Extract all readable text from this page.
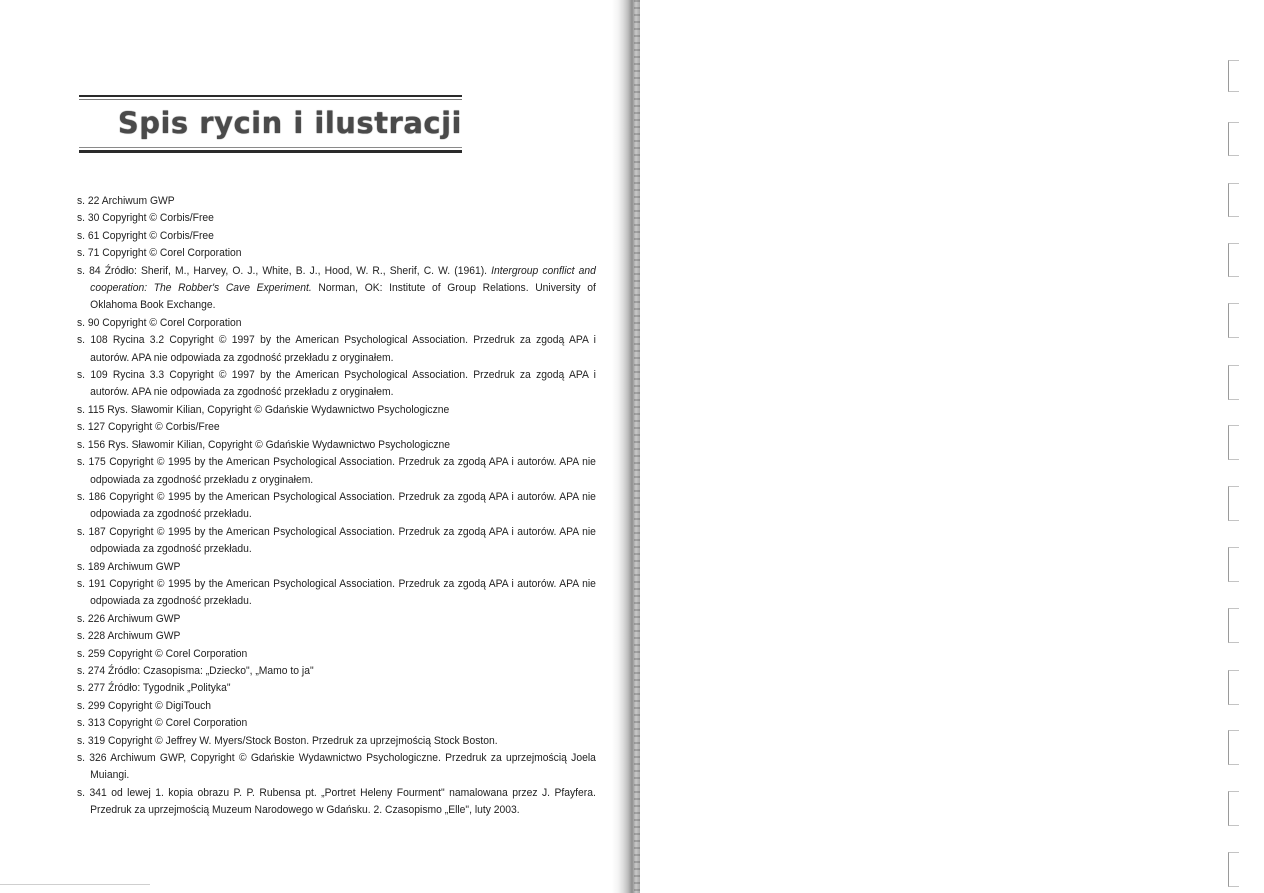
Spis rycin i ilustracji
s. 22 Archiwum GWP
s. 30 Copyright © Corbis/Free
s. 61 Copyright © Corbis/Free
s. 71 Copyright © Corel Corporation
s. 84 Źródło: Sherif, M., Harvey, O. J., White, B. J., Hood, W. R., Sherif, C. W. (1961). Intergroup conflict and cooperation: The Robber's Cave Experiment. Norman, OK: Institute of Group Relations. University of Oklahoma Book Exchange.
s. 90 Copyright © Corel Corporation
s. 108 Rycina 3.2 Copyright © 1997 by the American Psychological Association. Przedruk za zgodą APA i autorów. APA nie odpowiada za zgodność przekładu z oryginałem.
s. 109 Rycina 3.3 Copyright © 1997 by the American Psychological Association. Przedruk za zgodą APA i autorów. APA nie odpowiada za zgodność przekładu z oryginałem.
s. 115 Rys. Sławomir Kilian, Copyright © Gdańskie Wydawnictwo Psychologiczne
s. 127 Copyright © Corbis/Free
s. 156 Rys. Sławomir Kilian, Copyright © Gdańskie Wydawnictwo Psychologiczne
s. 175 Copyright © 1995 by the American Psychological Association. Przedruk za zgodą APA i autorów. APA nie odpowiada za zgodność przekładu z oryginałem.
s. 186 Copyright © 1995 by the American Psychological Association. Przedruk za zgodą APA i autorów. APA nie odpowiada za zgodność przekładu.
s. 187 Copyright © 1995 by the American Psychological Association. Przedruk za zgodą APA i autorów. APA nie odpowiada za zgodność przekładu.
s. 189 Archiwum GWP
s. 191 Copyright © 1995 by the American Psychological Association. Przedruk za zgodą APA i autorów. APA nie odpowiada za zgodność przekładu.
s. 226 Archiwum GWP
s. 228 Archiwum GWP
s. 259 Copyright © Corel Corporation
s. 274 Źródło: Czasopisma: „Dziecko", „Mamo to ja"
s. 277 Źródło: Tygodnik „Polityka"
s. 299 Copyright © DigiTouch
s. 313 Copyright © Corel Corporation
s. 319 Copyright © Jeffrey W. Myers/Stock Boston. Przedruk za uprzejmością Stock Boston.
s. 326 Archiwum GWP, Copyright © Gdańskie Wydawnictwo Psychologiczne. Przedruk za uprzejmością Joela Muiangi.
s. 341 od lewej 1. kopia obrazu P. P. Rubensa pt. „Portret Heleny Fourment" namalowana przez J. Pfayfera. Przedruk za uprzejmością Muzeum Narodowego w Gdańsku. 2. Czasopismo „Elle", luty 2003.
